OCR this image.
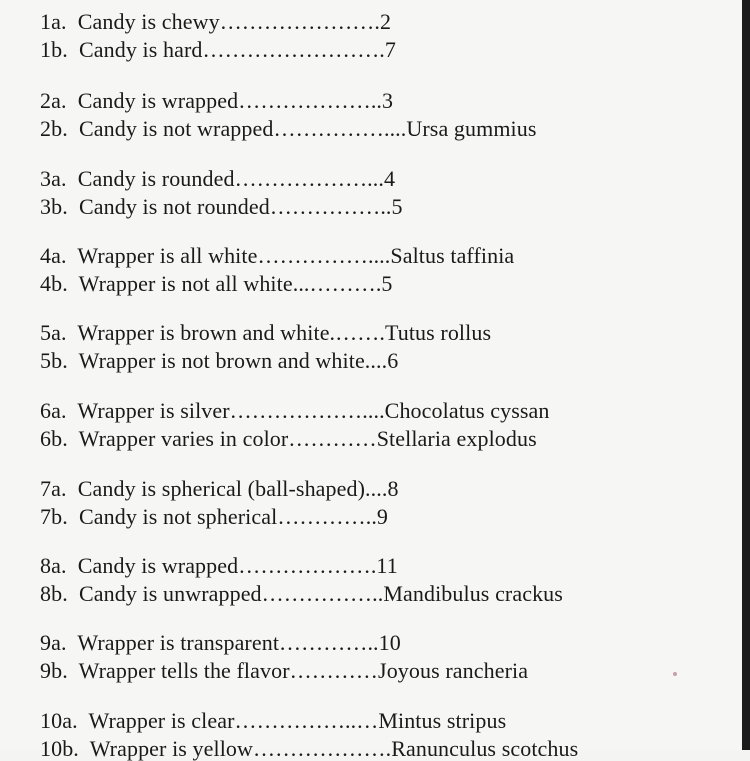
1a.  Candy is chewy………………….2
1b.  Candy is hard…………………….7
2a.  Candy is wrapped………………..3
2b.  Candy is not wrapped……………....Ursa gummius
3a.  Candy is rounded………………...4
3b.  Candy is not rounded……………..5
4a.  Wrapper is all white……………....Saltus taffinia
4b.  Wrapper is not all white...……….5
5a.  Wrapper is brown and white.…….Tutus rollus
5b.  Wrapper is not brown and white....6
6a.  Wrapper is silver………………....Chocolatus cyssan
6b.  Wrapper varies in color…………Stellaria explodus
7a.  Candy is spherical (ball-shaped)....8
7b.  Candy is not spherical…………..9
8a.  Candy is wrapped……………….11
8b.  Candy is unwrapped……………..Mandibulus crackus
9a.  Wrapper is transparent…………..10
9b.  Wrapper tells the flavor…………Joyous rancheria
10a.  Wrapper is clear……………..…Mintus stripus
10b.  Wrapper is yellow……………….Ranunculus scotchus
